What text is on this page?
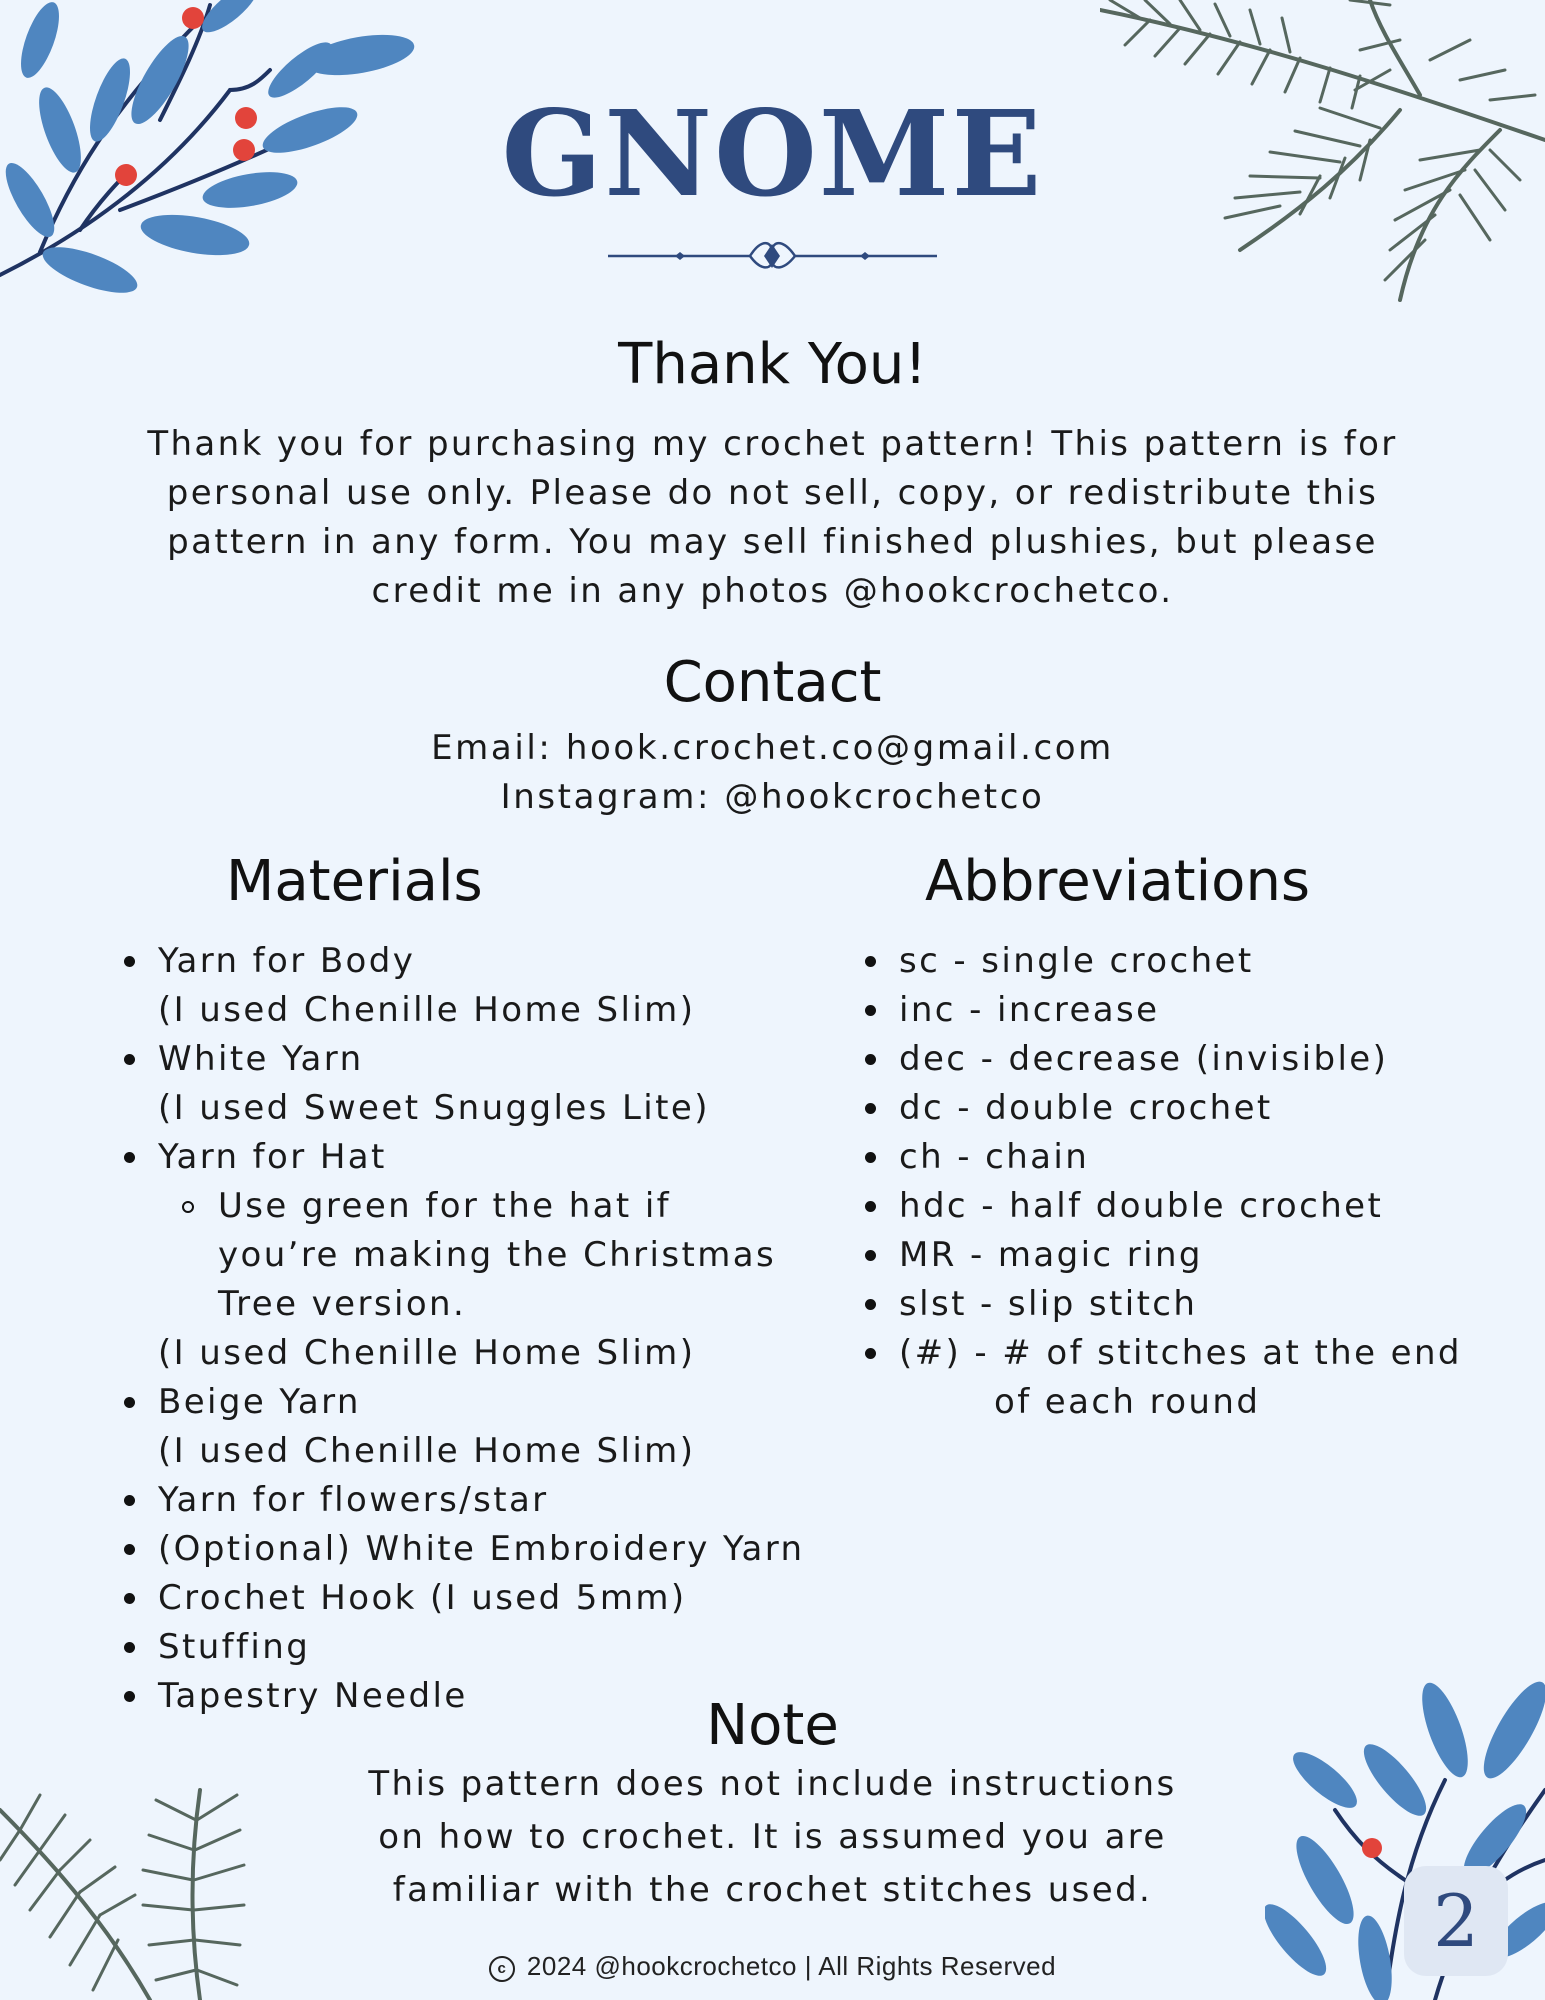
GNOME
Thank You!

Thank you for purchasing my crochet pattern! This pattern is for
personal use only. Please do not sell, copy, or redistribute this
pattern in any form. You may sell finished plushies, but please
credit me in any photos @hookcrochetco.

Contact

Email: hook.crochet.co@gmail.com

Instagram: @hookcrochetco

Materials
Yarn for Body
(I used Chenille Home Slim)
White Yarn
(I used Sweet Snuggles Lite)
Yarn for Hat
Use green for the hat if
you’re making the Christmas
Tree version.
(I used Chenille Home Slim)
Beige Yarn
(I used Chenille Home Slim)
Yarn for flowers/star
(Optional) White Embroidery Yarn
Crochet Hook (I used 5mm)
Stuffing
Tapestry Needle
Abbreviations
sc - single crochet
inc - increase
dec - decrease (invisible)
dc - double crochet
ch - chain
hdc - half double crochet
MR - magic ring
slst - slip stitch
(#) - # of stitches at the end
of each round
Note

This pattern does not include instructions
on how to crochet. It is assumed you are
familiar with the crochet stitches used.

c 2024 @hookcrochetco | All Rights Reserved
2
